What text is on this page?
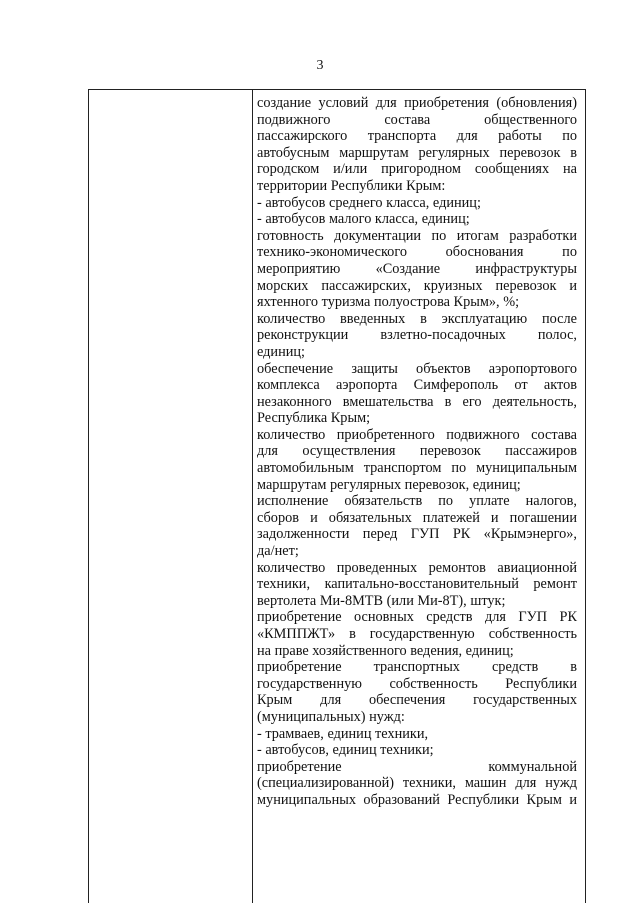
3
создание условий для приобретения (обновления)
подвижного состава общественного
пассажирского транспорта для работы по
автобусным маршрутам регулярных перевозок в
городском и/или пригородном сообщениях на
территории Республики Крым:
- автобусов среднего класса, единиц;
- автобусов малого класса, единиц;
готовность документации по итогам разработки
технико-экономического обоснования по
мероприятию «Создание инфраструктуры
морских пассажирских, круизных перевозок и
яхтенного туризма полуострова Крым», %;
количество введенных в эксплуатацию после
реконструкции взлетно-посадочных полос,
единиц;
обеспечение защиты объектов аэропортового
комплекса аэропорта Симферополь от актов
незаконного вмешательства в его деятельность,
Республика Крым;
количество приобретенного подвижного состава
для осуществления перевозок пассажиров
автомобильным транспортом по муниципальным
маршрутам регулярных перевозок, единиц;
исполнение обязательств по уплате налогов,
сборов и обязательных платежей и погашении
задолженности перед ГУП РК «Крымэнерго»,
да/нет;
количество проведенных ремонтов авиационной
техники, капитально-восстановительный ремонт
вертолета Ми-8МТВ (или Ми-8Т), штук;
приобретение основных средств для ГУП РК
«КМППЖТ» в государственную собственность
на праве хозяйственного ведения, единиц;
приобретение транспортных средств в
государственную собственность Республики
Крым для обеспечения государственных
(муниципальных) нужд:
- трамваев, единиц техники,
- автобусов, единиц техники;
приобретение коммунальной
(специализированной) техники, машин для нужд
муниципальных образований Республики Крым и
